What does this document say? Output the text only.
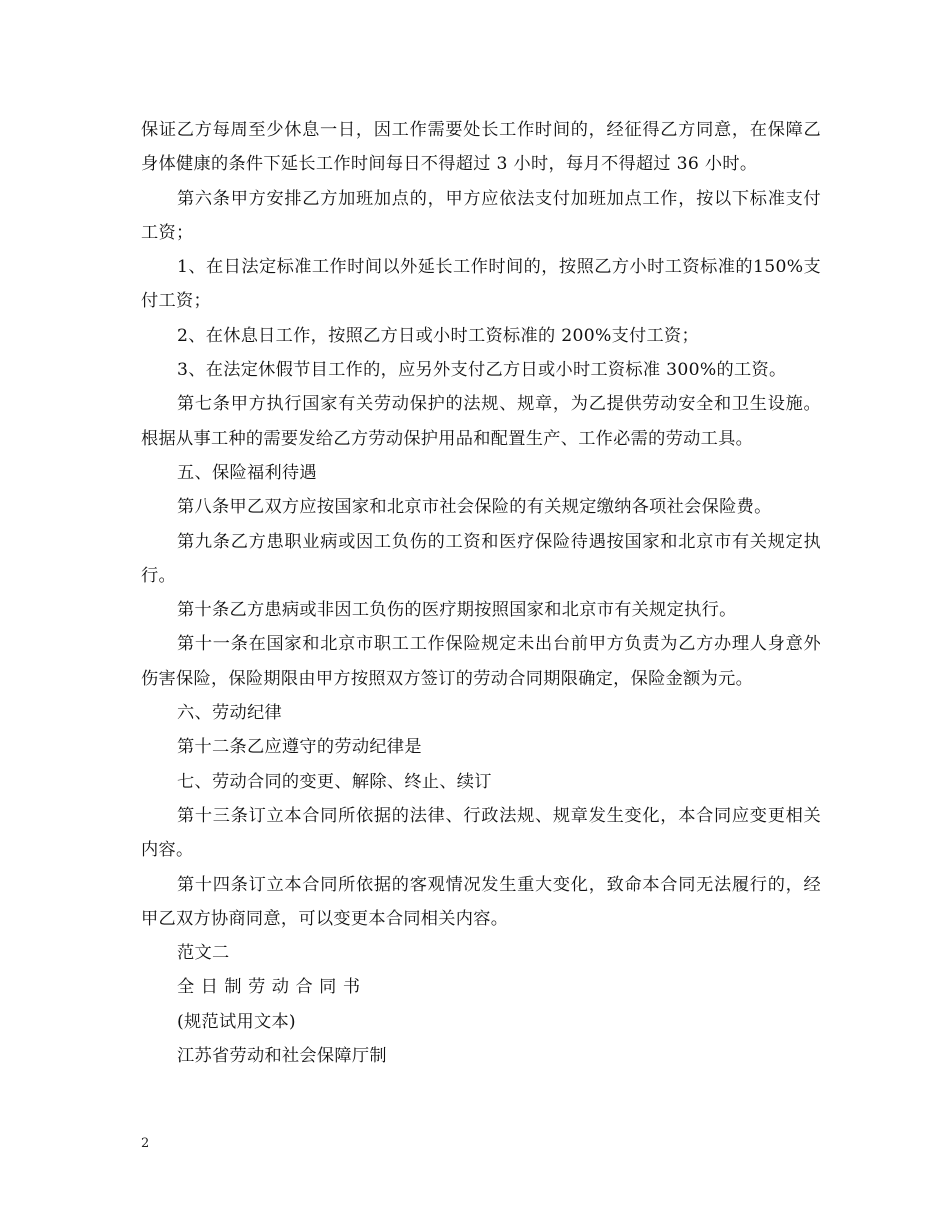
保证乙方每周至少休息一日，因工作需要处长工作时间的，经征得乙方同意，在保障乙身体健康的条件下延长工作时间每日不得超过 3 小时，每月不得超过 36 小时。

第六条甲方安排乙方加班加点的，甲方应依法支付加班加点工作，按以下标准支付工资；

1、在日法定标准工作时间以外延长工作时间的，按照乙方小时工资标准的150%支付工资；

2、在休息日工作，按照乙方日或小时工资标准的 200%支付工资；

3、在法定休假节目工作的，应另外支付乙方日或小时工资标准 300%的工资。

第七条甲方执行国家有关劳动保护的法规、规章，为乙提供劳动安全和卫生设施。根据从事工种的需要发给乙方劳动保护用品和配置生产、工作必需的劳动工具。

五、保险福利待遇

第八条甲乙双方应按国家和北京市社会保险的有关规定缴纳各项社会保险费。

第九条乙方患职业病或因工负伤的工资和医疗保险待遇按国家和北京市有关规定执行。

第十条乙方患病或非因工负伤的医疗期按照国家和北京市有关规定执行。

第十一条在国家和北京市职工工作保险规定未出台前甲方负责为乙方办理人身意外伤害保险，保险期限由甲方按照双方签订的劳动合同期限确定，保险金额为元。

六、劳动纪律

第十二条乙应遵守的劳动纪律是

七、劳动合同的变更、解除、终止、续订

第十三条订立本合同所依据的法律、行政法规、规章发生变化，本合同应变更相关内容。

第十四条订立本合同所依据的客观情况发生重大变化，致命本合同无法履行的，经甲乙双方协商同意，可以变更本合同相关内容。

范文二

全日制劳动合同书

(规范试用文本)

江苏省劳动和社会保障厅制

2
